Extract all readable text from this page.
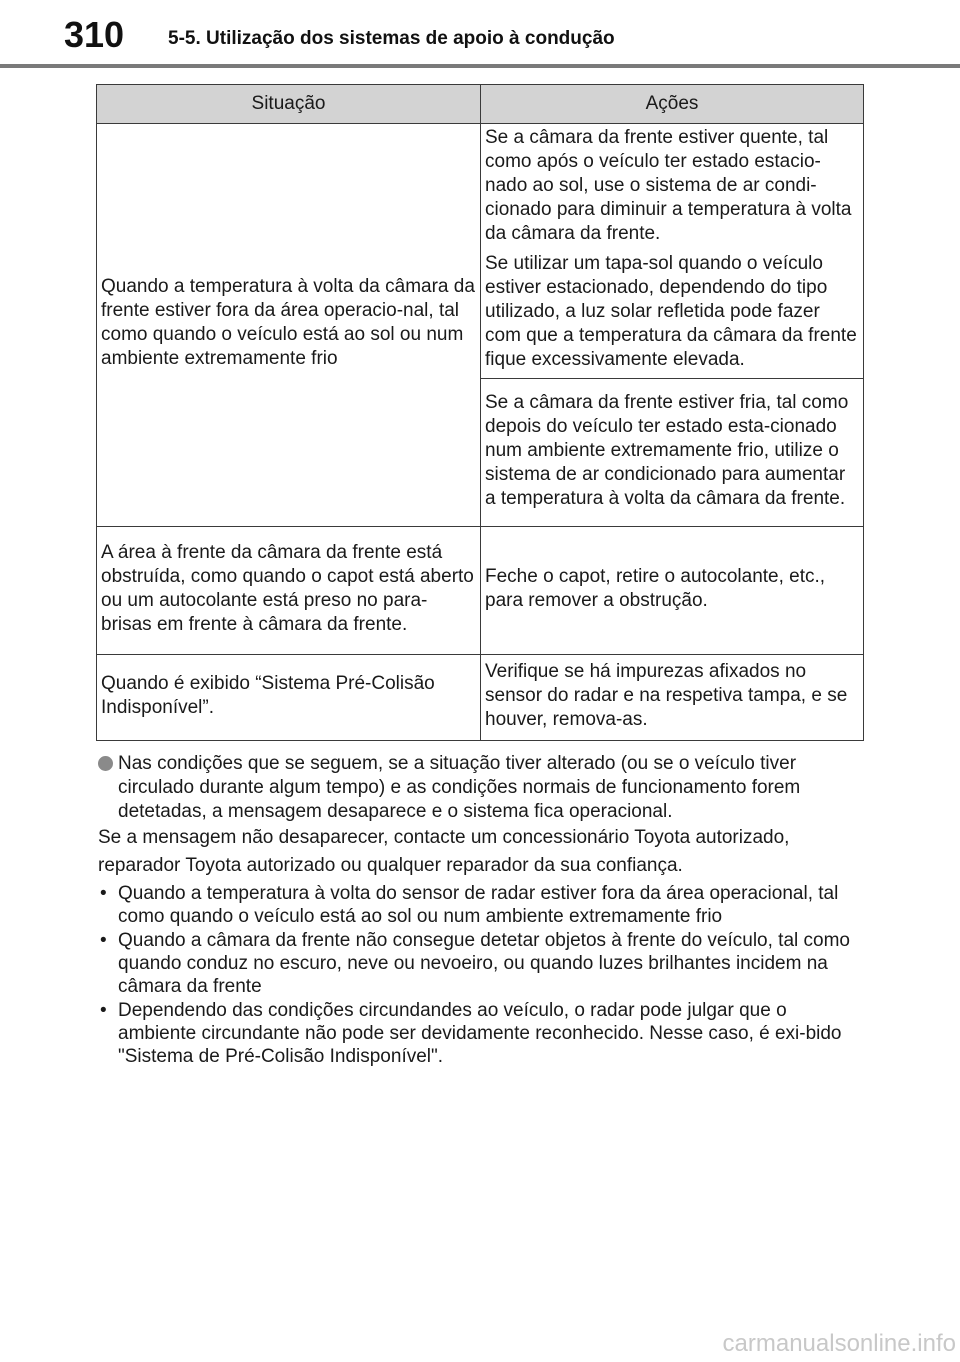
310 5-5. Utilização dos sistemas de apoio à condução
Situação	Ações
Quando a temperatura à volta da câmara da frente estiver fora da área operacio-nal, tal como quando o veículo está ao sol ou num ambiente extremamente frio	Se a câmara da frente estiver quente, tal como após o veículo ter estado estacio-nado ao sol, use o sistema de ar condi-cionado para diminuir a temperatura à volta da câmara da frente.

Se utilizar um tapa-sol quando o veículo estiver estacionado, dependendo do tipo utilizado, a luz solar refletida pode fazer com que a temperatura da câmara da frente fique excessivamente elevada.

	Se a câmara da frente estiver fria, tal como depois do veículo ter estado esta-cionado num ambiente extremamente frio, utilize o sistema de ar condicionado para aumentar a temperatura à volta da câmara da frente.

A área à frente da câmara da frente está obstruída, como quando o capot está aberto ou um autocolante está preso no para-brisas em frente à câmara da frente.	Feche o capot, retire o autocolante, etc., para remover a obstrução.
Quando é exibido “Sistema Pré-Colisão Indisponível”.	Verifique se há impurezas afixados no sensor do radar e na respetiva tampa, e se houver, remova-as.
Nas condições que se seguem, se a situação tiver alterado (ou se o veículo tiver circulado durante algum tempo) e as condições normais de funcionamento forem detetadas, a mensagem desaparece e o sistema fica operacional.

Se a mensagem não desaparecer, contacte um concessionário Toyota autorizado,

reparador Toyota autorizado ou qualquer reparador da sua confiança.

• Quando a temperatura à volta do sensor de radar estiver fora da área operacional, tal como quando o veículo está ao sol ou num ambiente extremamente frio
• Quando a câmara da frente não consegue detetar objetos à frente do veículo, tal como quando conduz no escuro, neve ou nevoeiro, ou quando luzes brilhantes incidem na câmara da frente
• Dependendo das condições circundandes ao veículo, o radar pode julgar que o ambiente circundante não pode ser devidamente reconhecido. Nesse caso, é exi-bido "Sistema de Pré-Colisão Indisponível".
carmanualsonline.info
